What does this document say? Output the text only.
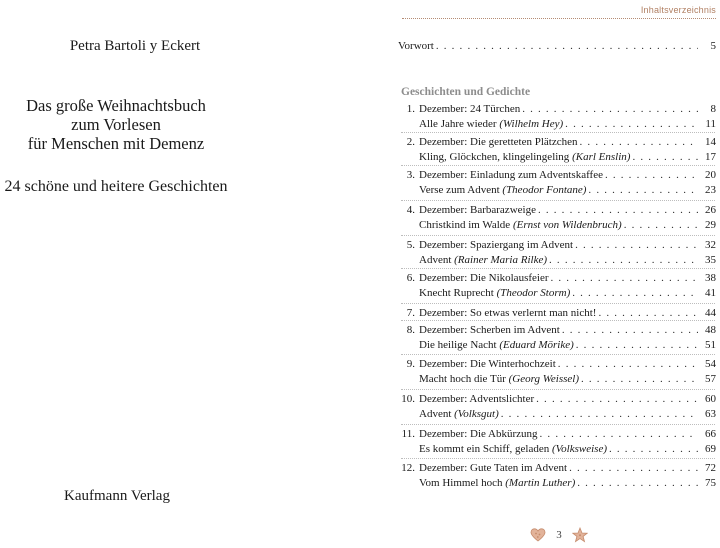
Petra Bartoli y Eckert
Das große Weihnachtsbuch
zum Vorlesen
für Menschen mit Demenz
24 schöne und heitere Geschichten
Kaufmann Verlag
Inhaltsverzeichnis
Vorwort . . .	5
Geschichten und Gedichte
1. Dezember: 24 Türchen . . .	8
Alle Jahre wieder (Wilhelm Hey) . . .	11
2. Dezember: Die geretteten Plätzchen . . .	14
Kling, Glöckchen, klingelingeling (Karl Enslin) . . .	17
3. Dezember: Einladung zum Adventskaffee . . .	20
Verse zum Advent (Theodor Fontane) . . .	23
4. Dezember: Barbarazweige . . .	26
Christkind im Walde (Ernst von Wildenbruch) . . .	29
5. Dezember: Spaziergang im Advent . . .	32
Advent (Rainer Maria Rilke) . . .	35
6. Dezember: Die Nikolausfeier . . .	38
Knecht Ruprecht (Theodor Storm) . . .	41
7. Dezember: So etwas verlernt man nicht! . . .	44
8. Dezember: Scherben im Advent . . .	48
Die heilige Nacht (Eduard Mörike) . . .	51
9. Dezember: Die Winterhochzeit . . .	54
Macht hoch die Tür (Georg Weissel) . . .	57
10. Dezember: Adventslichter . . .	60
Advent (Volksgut) . . .	63
11. Dezember: Die Abkürzung . . .	66
Es kommt ein Schiff, geladen (Volksweise) . . .	69
12. Dezember: Gute Taten im Advent . . .	72
Vom Himmel hoch (Martin Luther) . . .	75
3
